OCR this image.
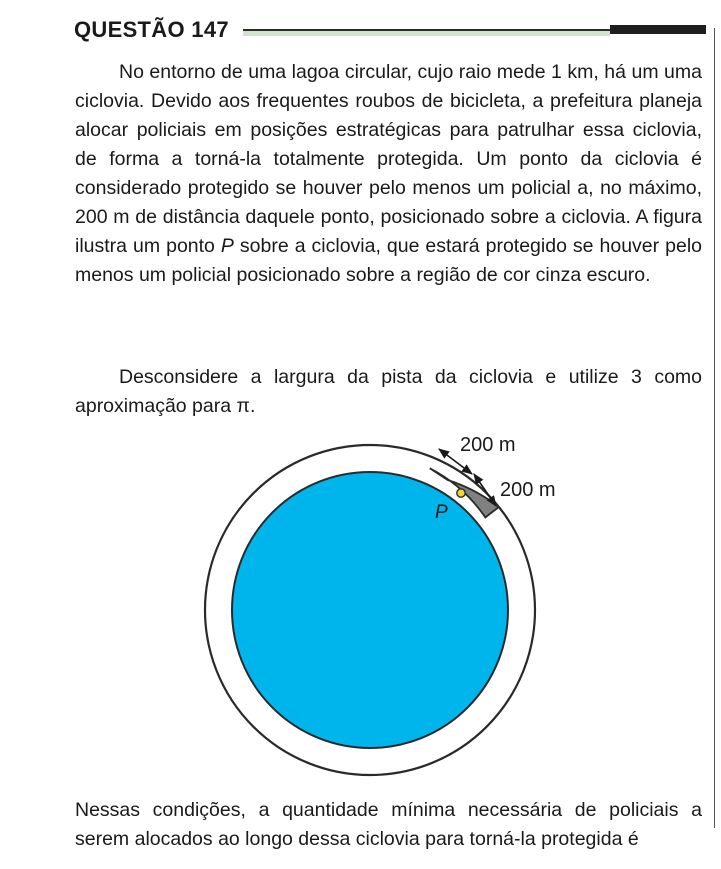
QUESTÃO 147

No entorno de uma lagoa circular, cujo raio mede 1 km, há um uma ciclovia. Devido aos frequentes roubos de bicicleta, a prefeitura planeja alocar policiais em posições estratégicas para patrulhar essa ciclovia, de forma a torná-la totalmente protegida. Um ponto da ciclovia é considerado protegido se houver pelo menos um policial a, no máximo, 200 m de distância daquele ponto, posicionado sobre a ciclovia. A figura ilustra um ponto P sobre a ciclovia, que estará protegido se houver pelo menos um policial posicionado sobre a região de cor cinza escuro.

Desconsidere a largura da pista da ciclovia e utilize 3 como aproximação para π.

200 m
200 m
P

Nessas condições, a quantidade mínima necessária de policiais a serem alocados ao longo dessa ciclovia para torná-la protegida é
